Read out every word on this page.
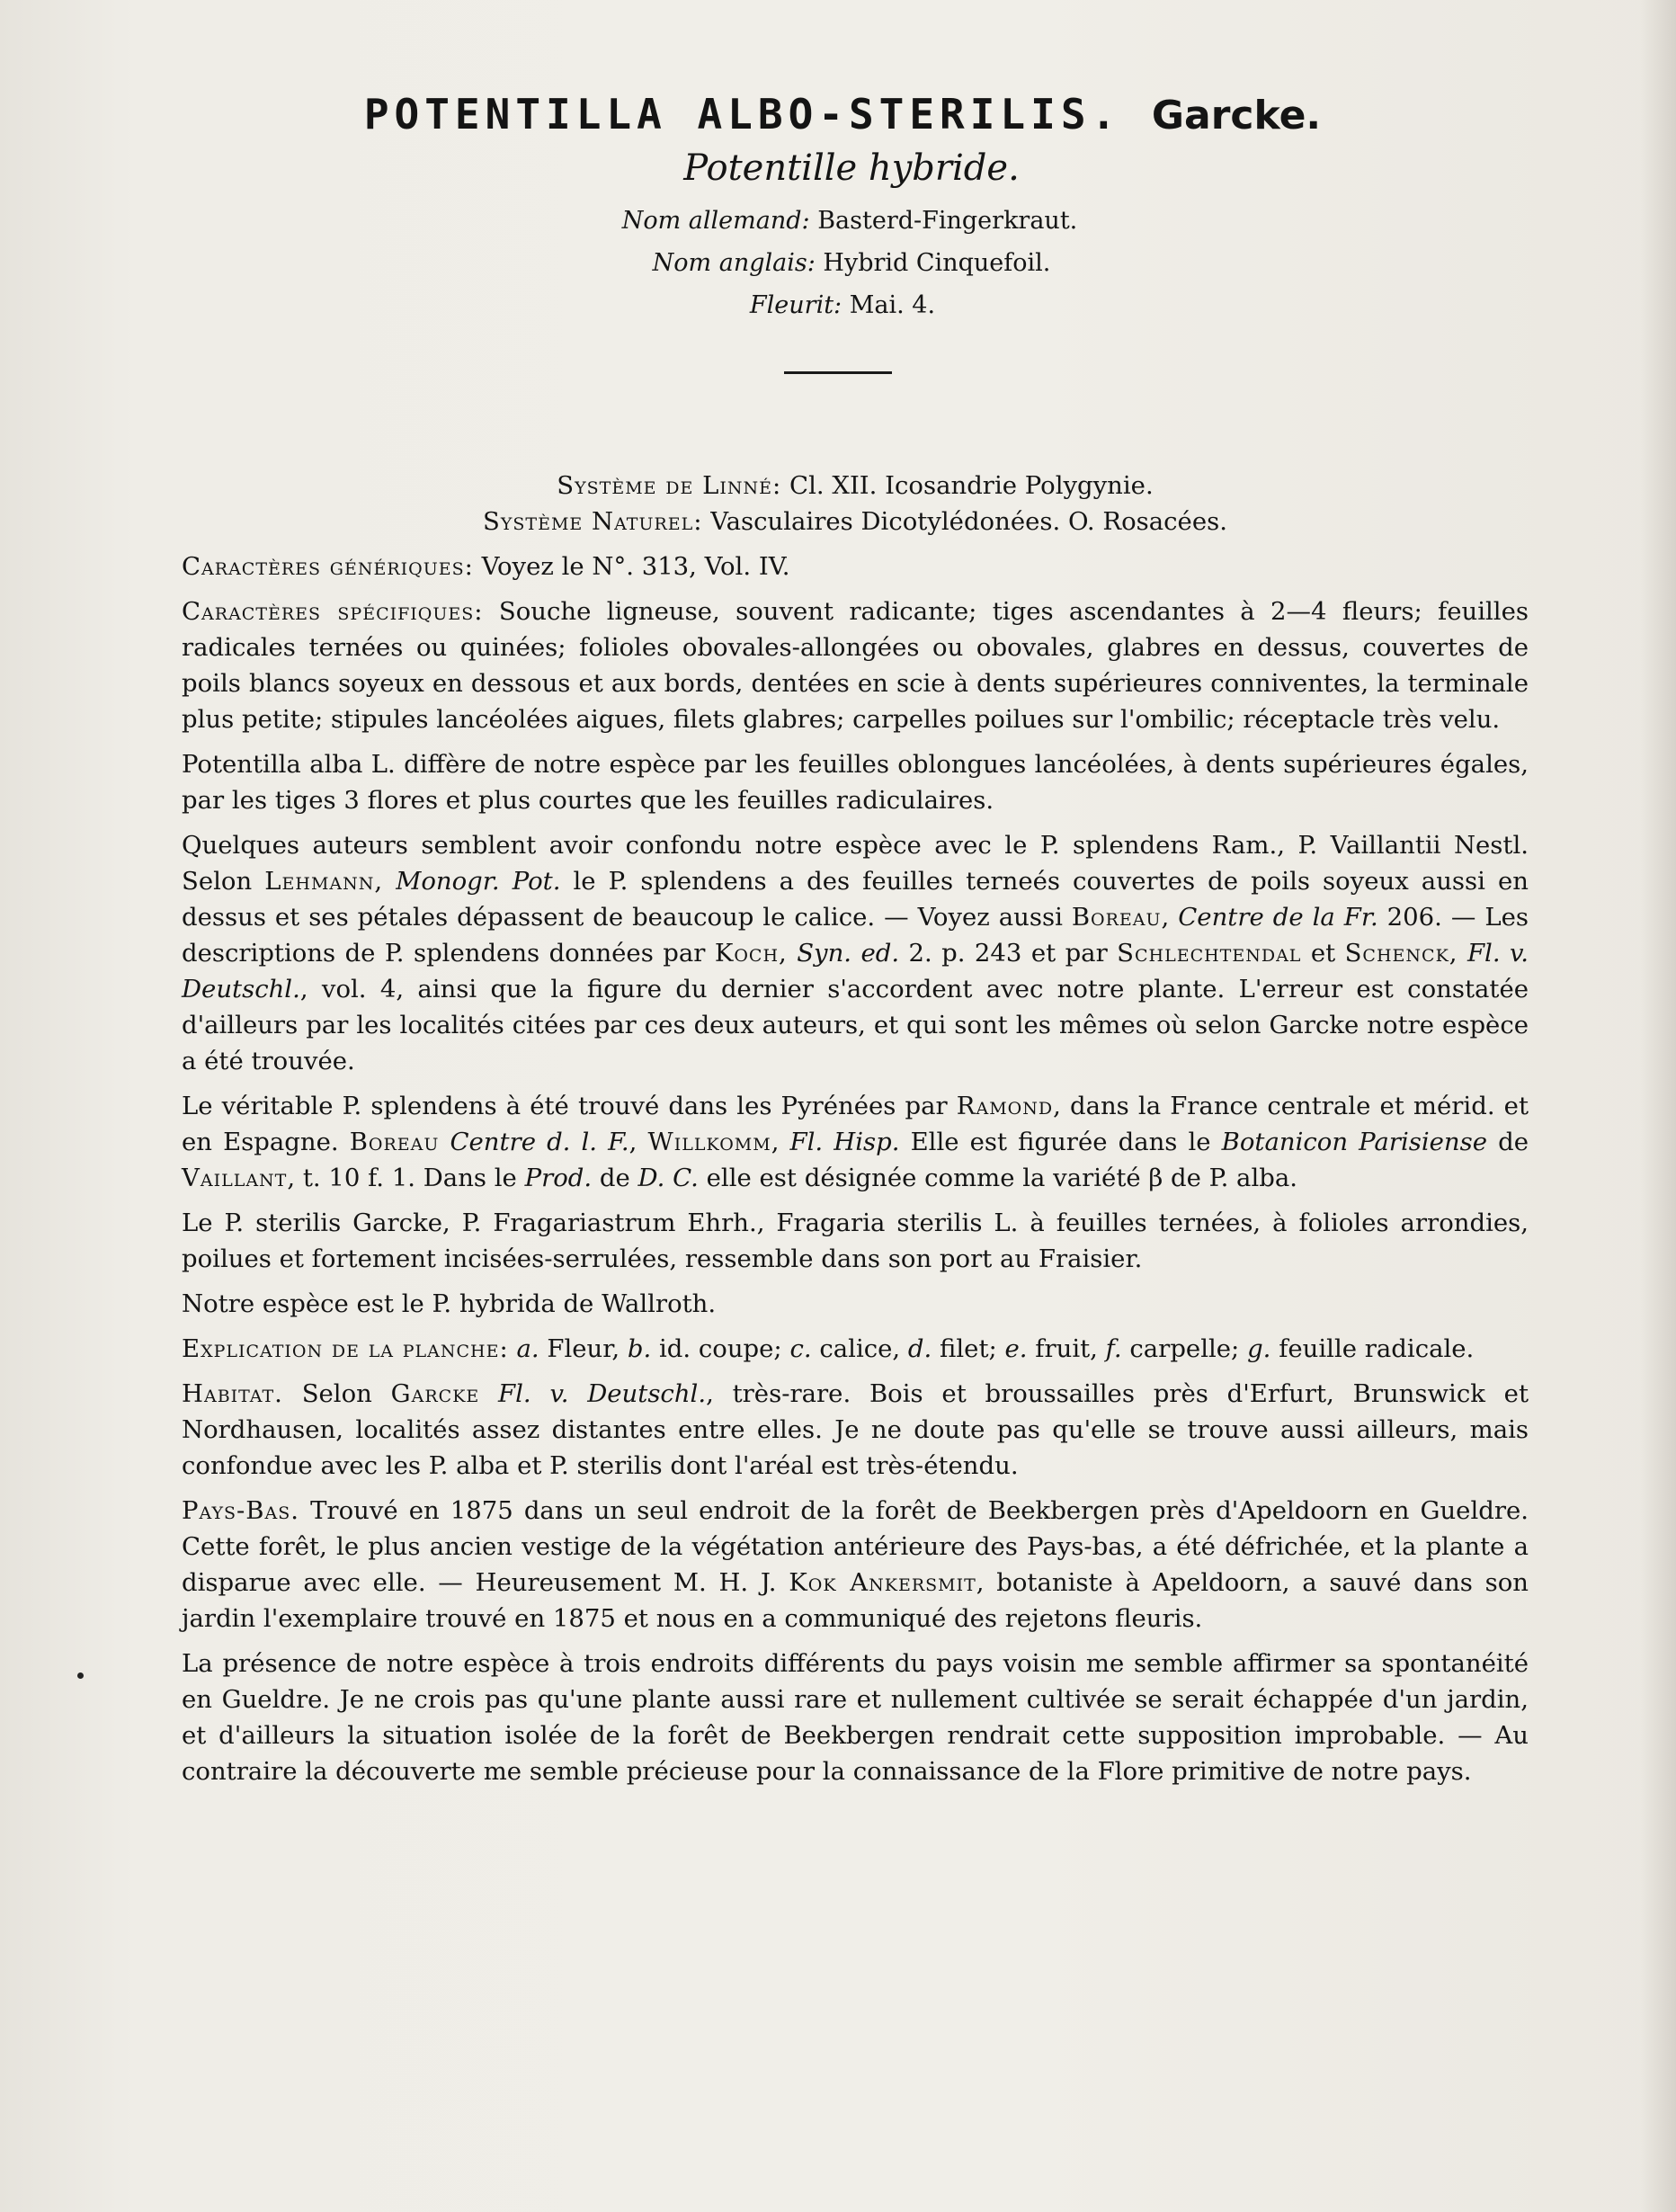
POTENTILLA ALBO-STERILIS. Garcke.
Potentille hybride.
Nom allemand: Basterd-Fingerkraut.
Nom anglais: Hybrid Cinquefoil.
Fleurit: Mai. 4.

Système de Linné: Cl. XII. Icosandrie Polygynie.

Système Naturel: Vasculaires Dicotylédonées. O. Rosacées.

Caractères génériques: Voyez le N°. 313, Vol. IV.

Caractères spécifiques: Souche ligneuse, souvent radicante; tiges ascendantes à 2—4 fleurs; feuilles radicales ternées ou quinées; folioles obovales-allongées ou obovales, glabres en dessus, couvertes de poils blancs soyeux en dessous et aux bords, dentées en scie à dents supérieures conniventes, la terminale plus petite; stipules lancéolées aigues, filets glabres; carpelles poilues sur l'ombilic; réceptacle très velu.

Potentilla alba L. diffère de notre espèce par les feuilles oblongues lancéolées, à dents supérieures égales, par les tiges 3 flores et plus courtes que les feuilles radiculaires.

Quelques auteurs semblent avoir confondu notre espèce avec le P. splendens Ram., P. Vaillantii Nestl. Selon Lehmann, Monogr. Pot. le P. splendens a des feuilles terneés couvertes de poils soyeux aussi en dessus et ses pétales dépassent de beaucoup le calice. — Voyez aussi Boreau, Centre de la Fr. 206. — Les descriptions de P. splendens données par Koch, Syn. ed. 2. p. 243 et par Schlechtendal et Schenck, Fl. v. Deutschl., vol. 4, ainsi que la figure du dernier s'accordent avec notre plante. L'erreur est constatée d'ailleurs par les localités citées par ces deux auteurs, et qui sont les mêmes où selon Garcke notre espèce a été trouvée.

Le véritable P. splendens à été trouvé dans les Pyrénées par Ramond, dans la France centrale et mérid. et en Espagne. Boreau Centre d. l. F., Willkomm, Fl. Hisp. Elle est figurée dans le Botanicon Parisiense de Vaillant, t. 10 f. 1. Dans le Prod. de D. C. elle est désignée comme la variété β de P. alba.

Le P. sterilis Garcke, P. Fragariastrum Ehrh., Fragaria sterilis L. à feuilles ternées, à folioles arrondies, poilues et fortement incisées-serrulées, ressemble dans son port au Fraisier.

Notre espèce est le P. hybrida de Wallroth.

Explication de la planche: a. Fleur, b. id. coupe; c. calice, d. filet; e. fruit, f. carpelle; g. feuille radicale.

Habitat. Selon Garcke Fl. v. Deutschl., très-rare. Bois et broussailles près d'Erfurt, Brunswick et Nordhausen, localités assez distantes entre elles. Je ne doute pas qu'elle se trouve aussi ailleurs, mais confondue avec les P. alba et P. sterilis dont l'aréal est très-étendu.

Pays-Bas. Trouvé en 1875 dans un seul endroit de la forêt de Beekbergen près d'Apeldoorn en Gueldre. Cette forêt, le plus ancien vestige de la végétation antérieure des Pays-bas, a été défrichée, et la plante a disparue avec elle. — Heureusement M. H. J. Kok Ankersmit, botaniste à Apeldoorn, a sauvé dans son jardin l'exemplaire trouvé en 1875 et nous en a communiqué des rejetons fleuris.

La présence de notre espèce à trois endroits différents du pays voisin me semble affirmer sa spontanéité en Gueldre. Je ne crois pas qu'une plante aussi rare et nullement cultivée se serait échappée d'un jardin, et d'ailleurs la situation isolée de la forêt de Beekbergen rendrait cette supposition improbable. — Au contraire la découverte me semble précieuse pour la connaissance de la Flore primitive de notre pays.
